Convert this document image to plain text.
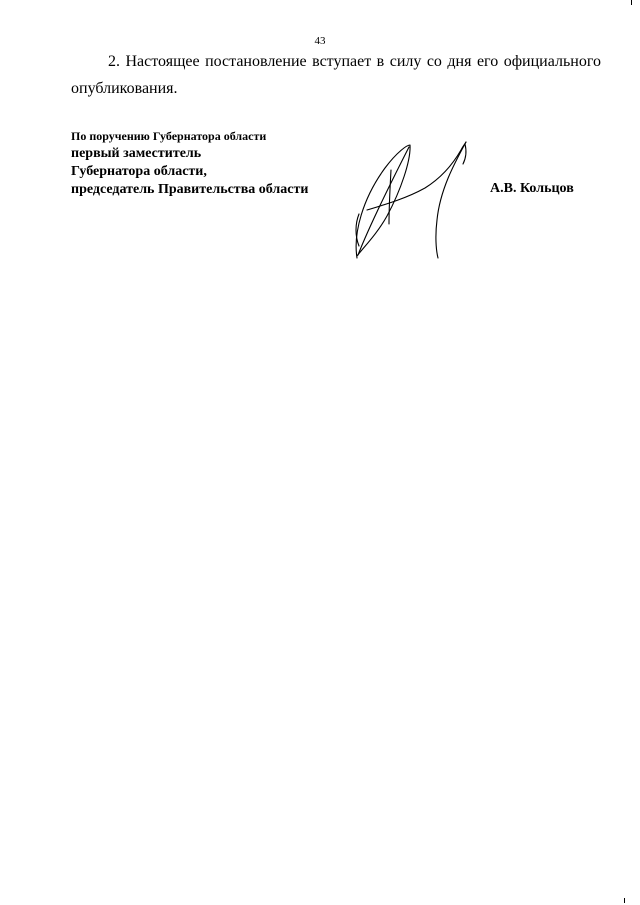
43

2. Настоящее постановление вступает в силу со дня его официального опубликования.

По поручению Губернатора области
первый заместитель
Губернатора области,
председатель Правительства области	А.В. Кольцов
